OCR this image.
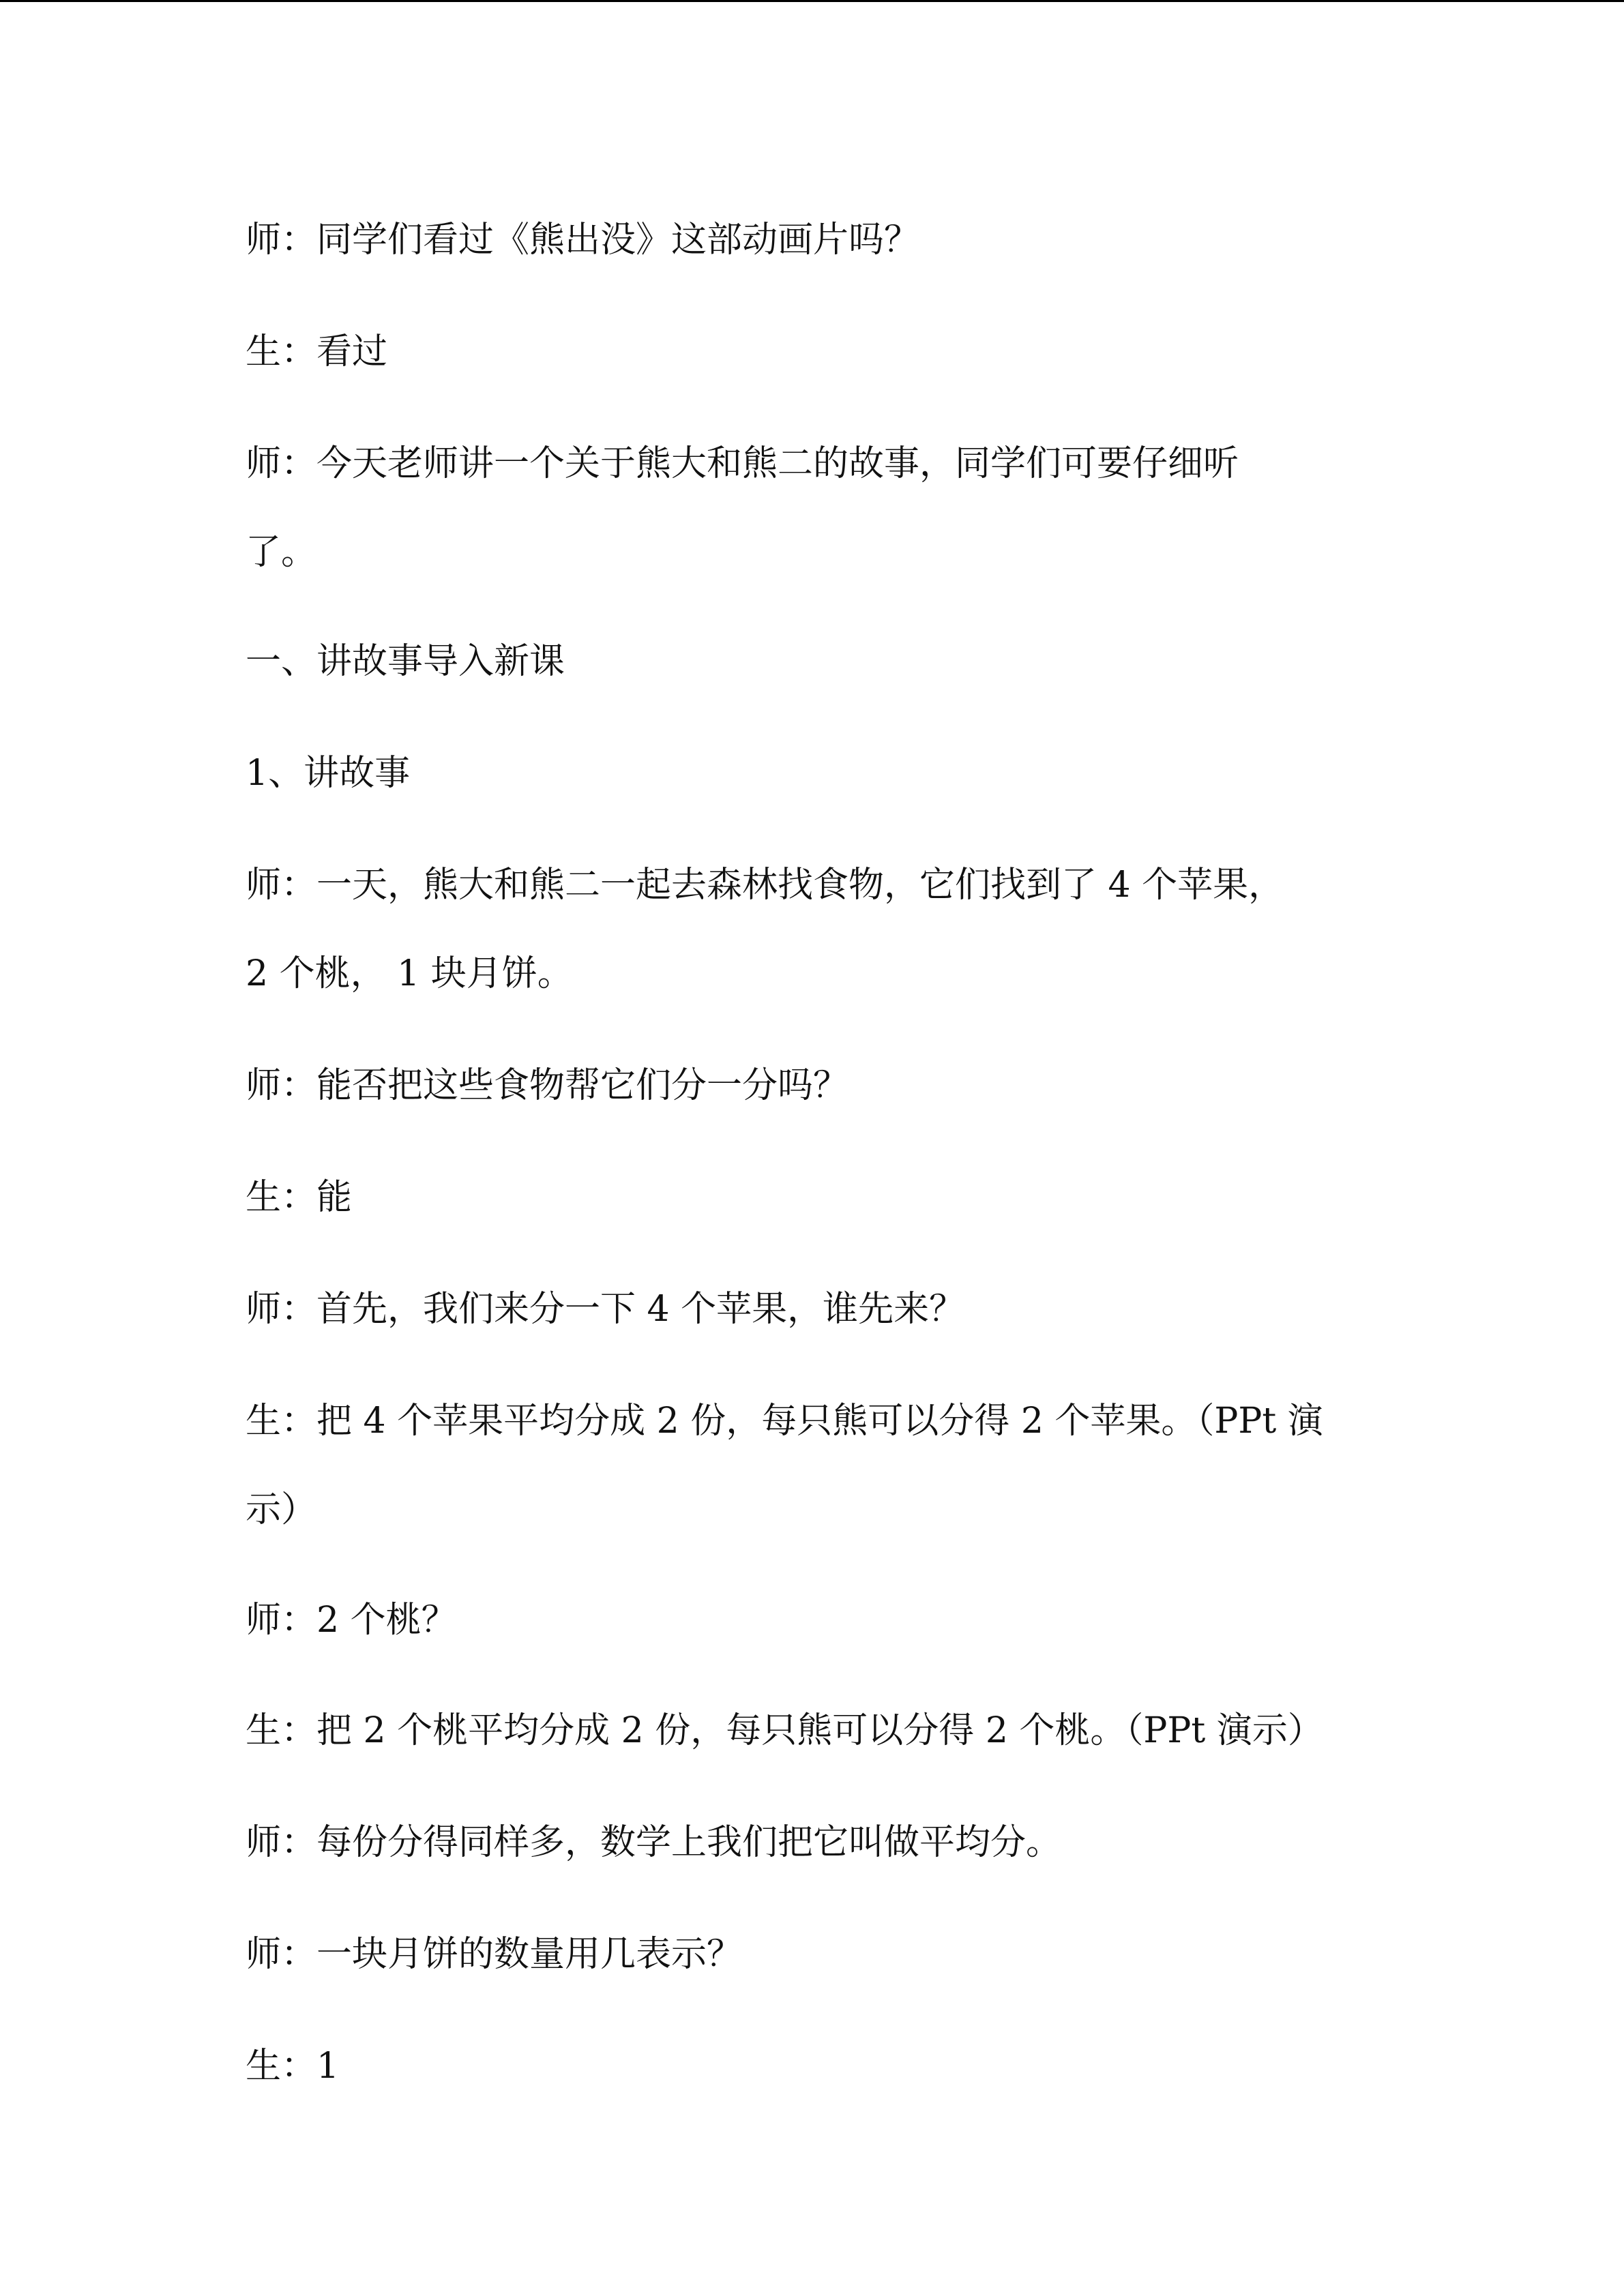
师：同学们看过《熊出没》这部动画片吗？
生：看过
师：今天老师讲一个关于熊大和熊二的故事，同学们可要仔细听
了。
一、讲故事导入新课
1、讲故事
师：一天，熊大和熊二一起去森林找食物，它们找到了 4 个苹果，
2 个桃， 1 块月饼。
师：能否把这些食物帮它们分一分吗？
生：能
师：首先，我们来分一下 4 个苹果，谁先来？
生：把 4 个苹果平均分成 2 份，每只熊可以分得 2 个苹果。（PPt 演
示）
师：2 个桃？
生：把 2 个桃平均分成 2 份，每只熊可以分得 2 个桃。（PPt 演示）
师：每份分得同样多，数学上我们把它叫做平均分。
师：一块月饼的数量用几表示？
生：1
